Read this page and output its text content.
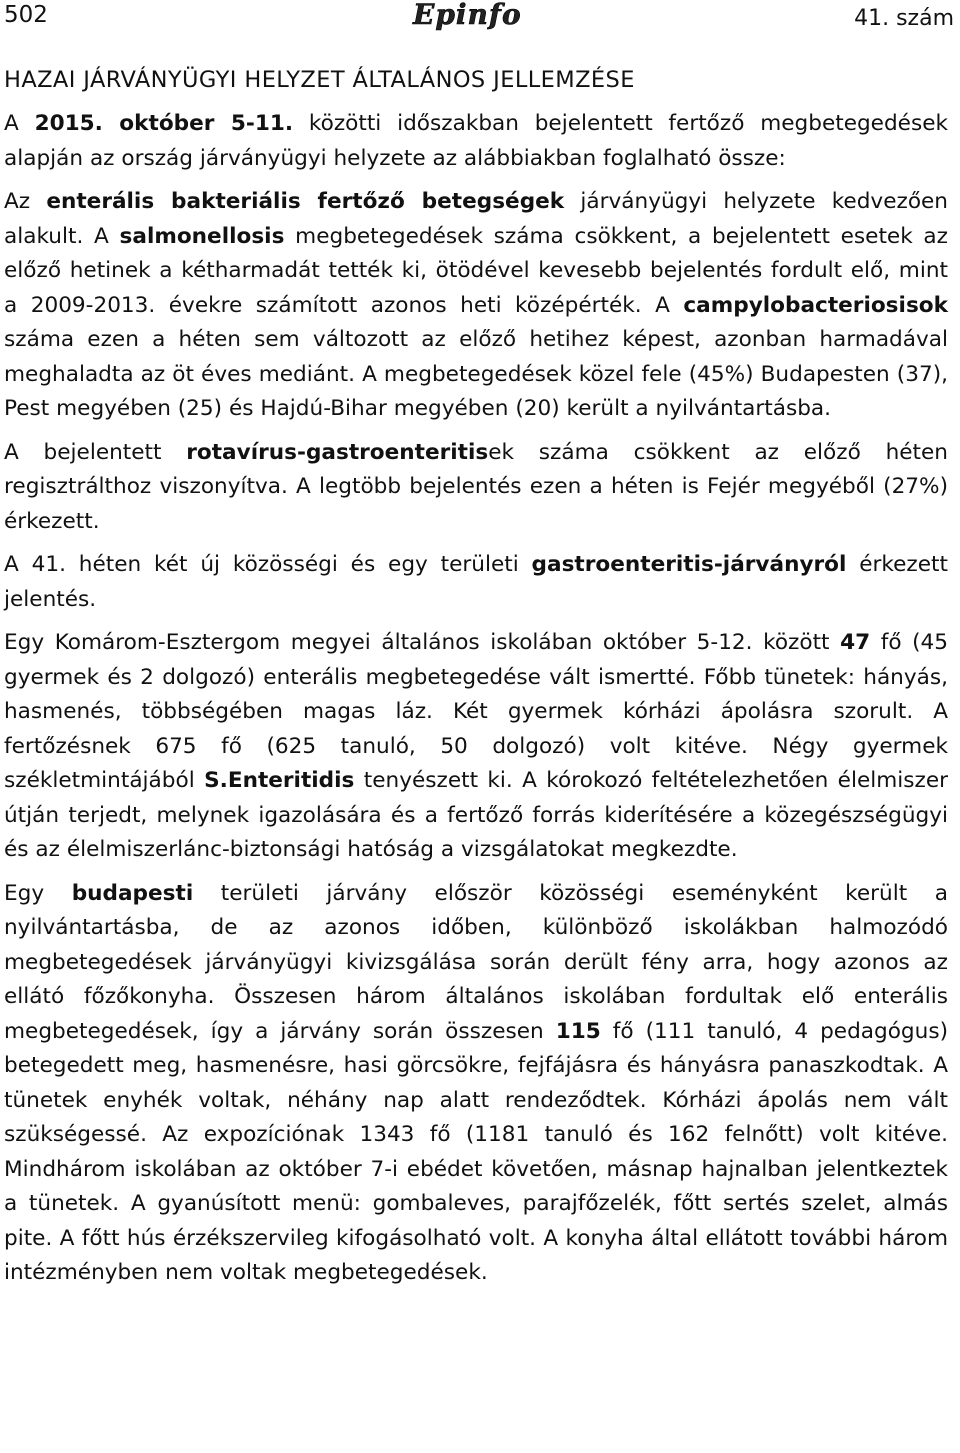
502	Epinfo	41. szám
HAZAI JÁRVÁNYÜGYI HELYZET ÁLTALÁNOS JELLEMZÉSE

A 2015. október 5-11. közötti időszakban bejelentett fertőző megbetegedések alapján az ország járványügyi helyzete az alábbiakban foglalható össze:

Az enterális bakteriális fertőző betegségek járványügyi helyzete kedvezően alakult. A salmonellosis megbetegedések száma csökkent, a bejelentett esetek az előző hetinek a kétharmadát tették ki, ötödével kevesebb bejelentés fordult elő, mint a 2009-2013. évekre számított azonos heti középérték. A campylobacteriosisok száma ezen a héten sem változott az előző hetihez képest, azonban harmadával meghaladta az öt éves mediánt. A megbetegedések közel fele (45%) Budapesten (37), Pest megyében (25) és Hajdú-Bihar megyében (20) került a nyilvántartásba.

A bejelentett rotavírus-gastroenteritisek száma csökkent az előző héten regisztrálthoz viszonyítva. A legtöbb bejelentés ezen a héten is Fejér megyéből (27%) érkezett.

A 41. héten két új közösségi és egy területi gastroenteritis-járványról érkezett jelentés.

Egy Komárom-Esztergom megyei általános iskolában október 5-12. között 47 fő (45 gyermek és 2 dolgozó) enterális megbetegedése vált ismertté. Főbb tünetek: hányás, hasmenés, többségében magas láz. Két gyermek kórházi ápolásra szorult. A fertőzésnek 675 fő (625 tanuló, 50 dolgozó) volt kitéve. Négy gyermek székletmintájából S.Enteritidis tenyészett ki. A kórokozó feltételezhetően élelmiszer útján terjedt, melynek igazolására és a fertőző forrás kiderítésére a közegészségügyi és az élelmiszerlánc-biztonsági hatóság a vizsgálatokat megkezdte.

Egy budapesti területi járvány először közösségi eseményként került a nyilvántartásba, de az azonos időben, különböző iskolákban halmozódó megbetegedések járványügyi kivizsgálása során derült fény arra, hogy azonos az ellátó főzőkonyha. Összesen három általános iskolában fordultak elő enterális megbetegedések, így a járvány során összesen 115 fő (111 tanuló, 4 pedagógus) betegedett meg, hasmenésre, hasi görcsökre, fejfájásra és hányásra panaszkodtak. A tünetek enyhék voltak, néhány nap alatt rendeződtek. Kórházi ápolás nem vált szükségessé. Az expozíciónak 1343 fő (1181 tanuló és 162 felnőtt) volt kitéve. Mindhárom iskolában az október 7-i ebédet követően, másnap hajnalban jelentkeztek a tünetek. A gyanúsított menü: gombaleves, parajfőzelék, főtt sertés szelet, almás pite. A főtt hús érzékszervileg kifogásolható volt. A konyha által ellátott további három intézményben nem voltak megbetegedések.
